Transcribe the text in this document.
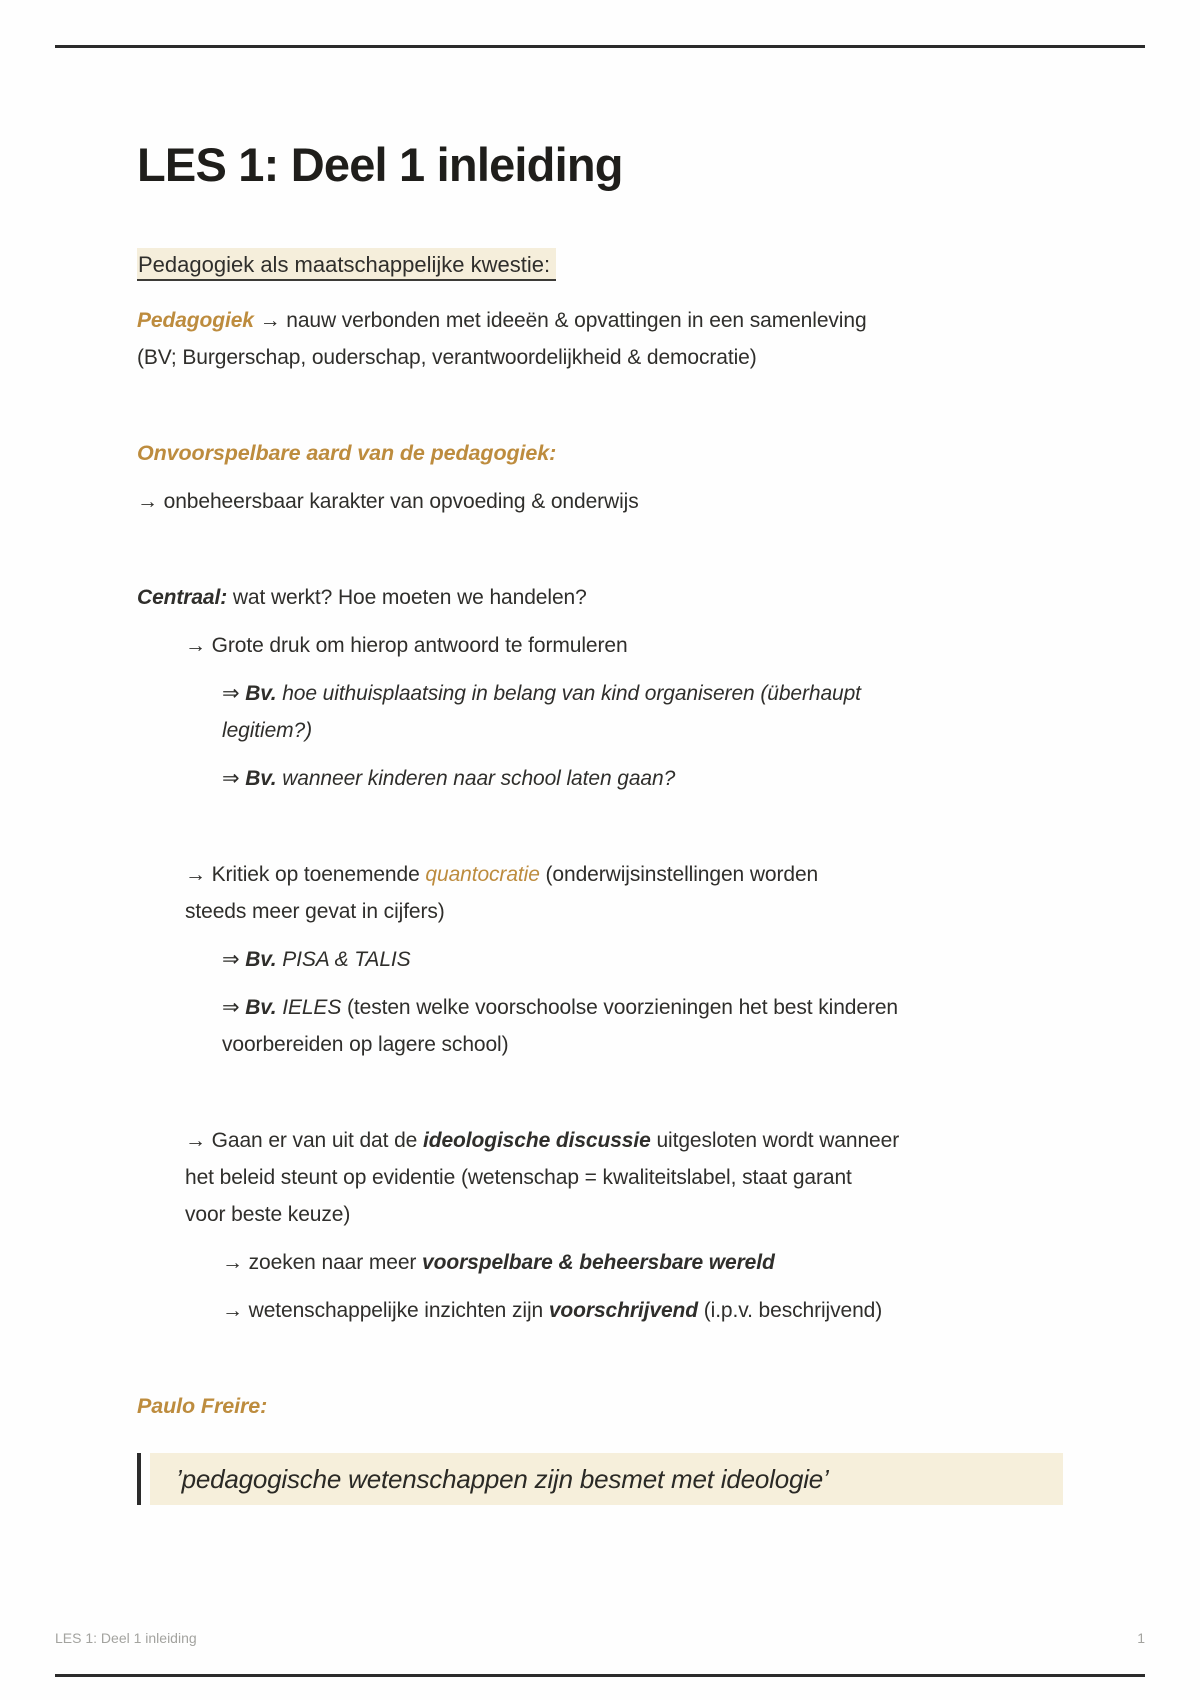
LES 1: Deel 1 inleiding
Pedagogiek als maatschappelijke kwestie:
Pedagogiek → nauw verbonden met ideeën & opvattingen in een samenleving
(BV; Burgerschap, ouderschap, verantwoordelijkheid & democratie)
Onvoorspelbare aard van de pedagogiek:
→ onbeheersbaar karakter van opvoeding & onderwijs
Centraal: wat werkt? Hoe moeten we handelen?
→ Grote druk om hierop antwoord te formuleren
⇒ Bv. hoe uithuisplaatsing in belang van kind organiseren (überhaupt
legitiem?)
⇒ Bv. wanneer kinderen naar school laten gaan?
→ Kritiek op toenemende quantocratie (onderwijsinstellingen worden
steeds meer gevat in cijfers)
⇒ Bv. PISA & TALIS
⇒ Bv. IELES (testen welke voorschoolse voorzieningen het best kinderen
voorbereiden op lagere school)
→ Gaan er van uit dat de ideologische discussie uitgesloten wordt wanneer
het beleid steunt op evidentie (wetenschap = kwaliteitslabel, staat garant
voor beste keuze)
→ zoeken naar meer voorspelbare & beheersbare wereld
→ wetenschappelijke inzichten zijn voorschrijvend (i.p.v. beschrijvend)
Paulo Freire:
’pedagogische wetenschappen zijn besmet met ideologie’
LES 1: Deel 1 inleiding	1
